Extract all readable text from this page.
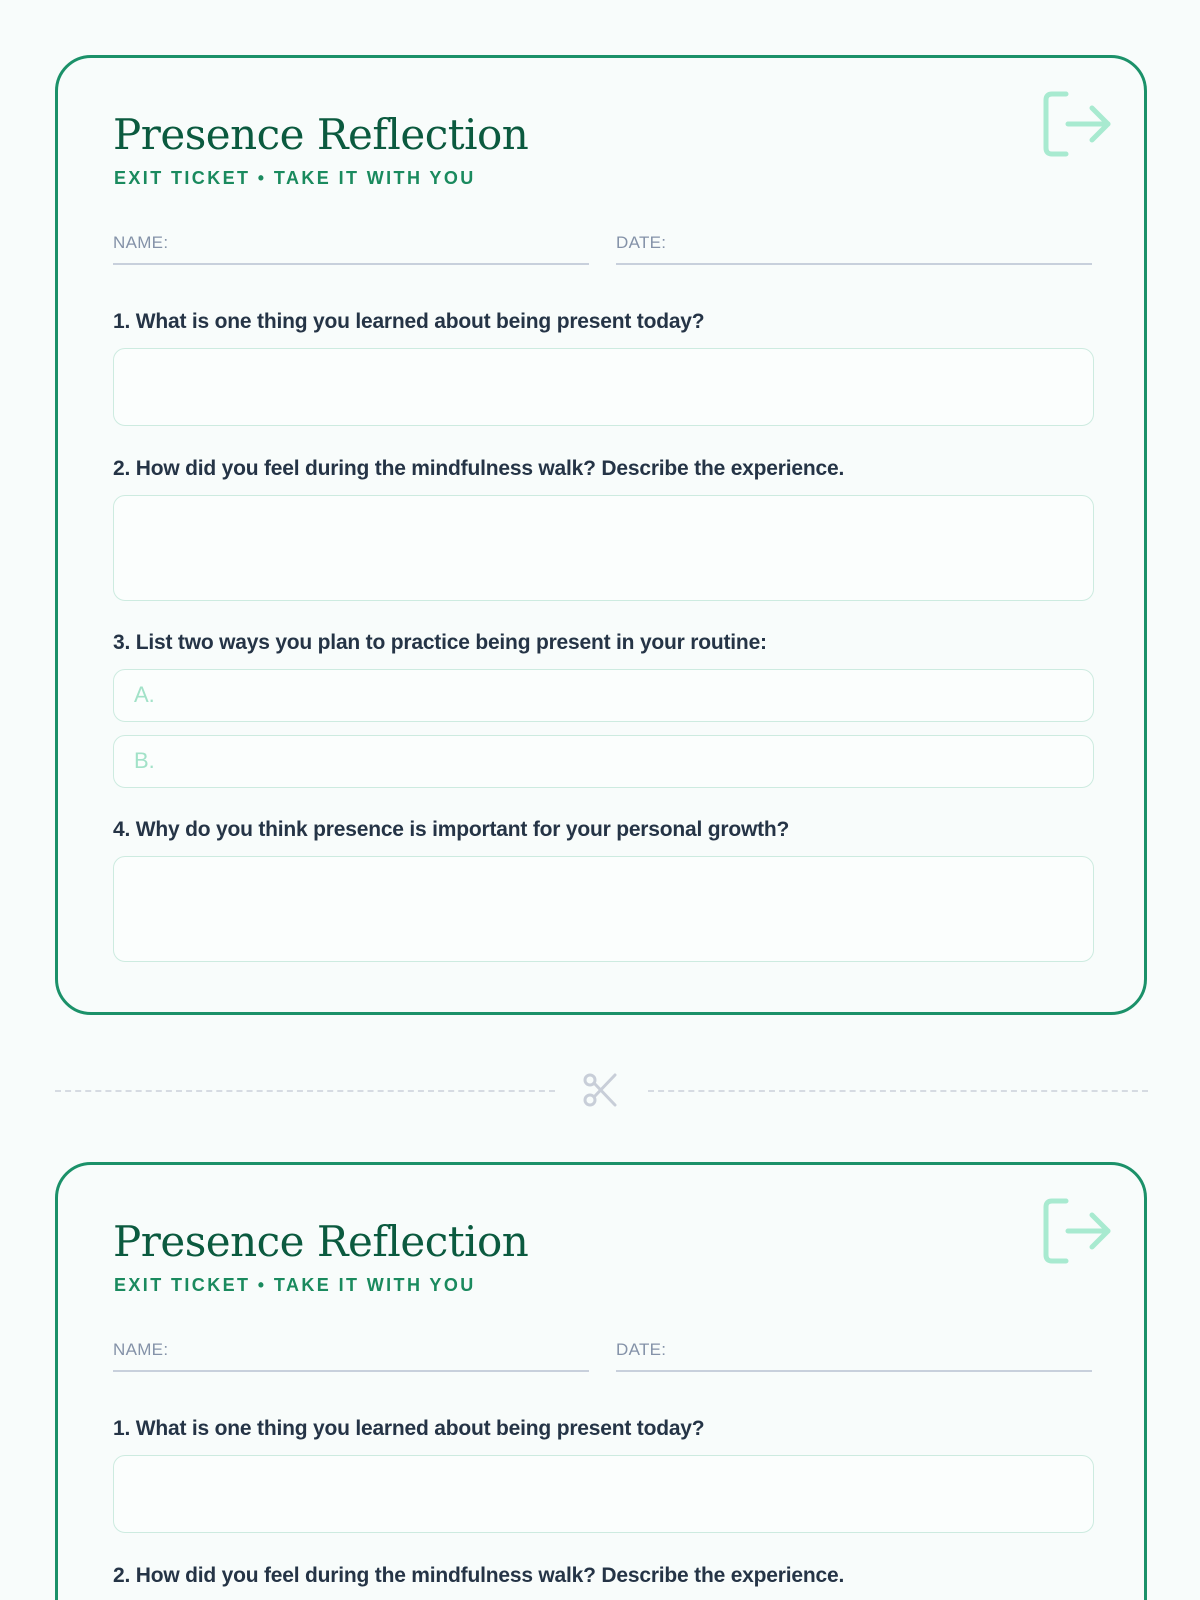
Presence Reflection
EXIT TICKET • TAKE IT WITH YOU
NAME:	DATE:
1. What is one thing you learned about being present today?
2. How did you feel during the mindfulness walk? Describe the experience.
3. List two ways you plan to practice being present in your routine:
A.
B.
4. Why do you think presence is important for your personal growth?
Presence Reflection
EXIT TICKET • TAKE IT WITH YOU
NAME:	DATE:
1. What is one thing you learned about being present today?
2. How did you feel during the mindfulness walk? Describe the experience.
